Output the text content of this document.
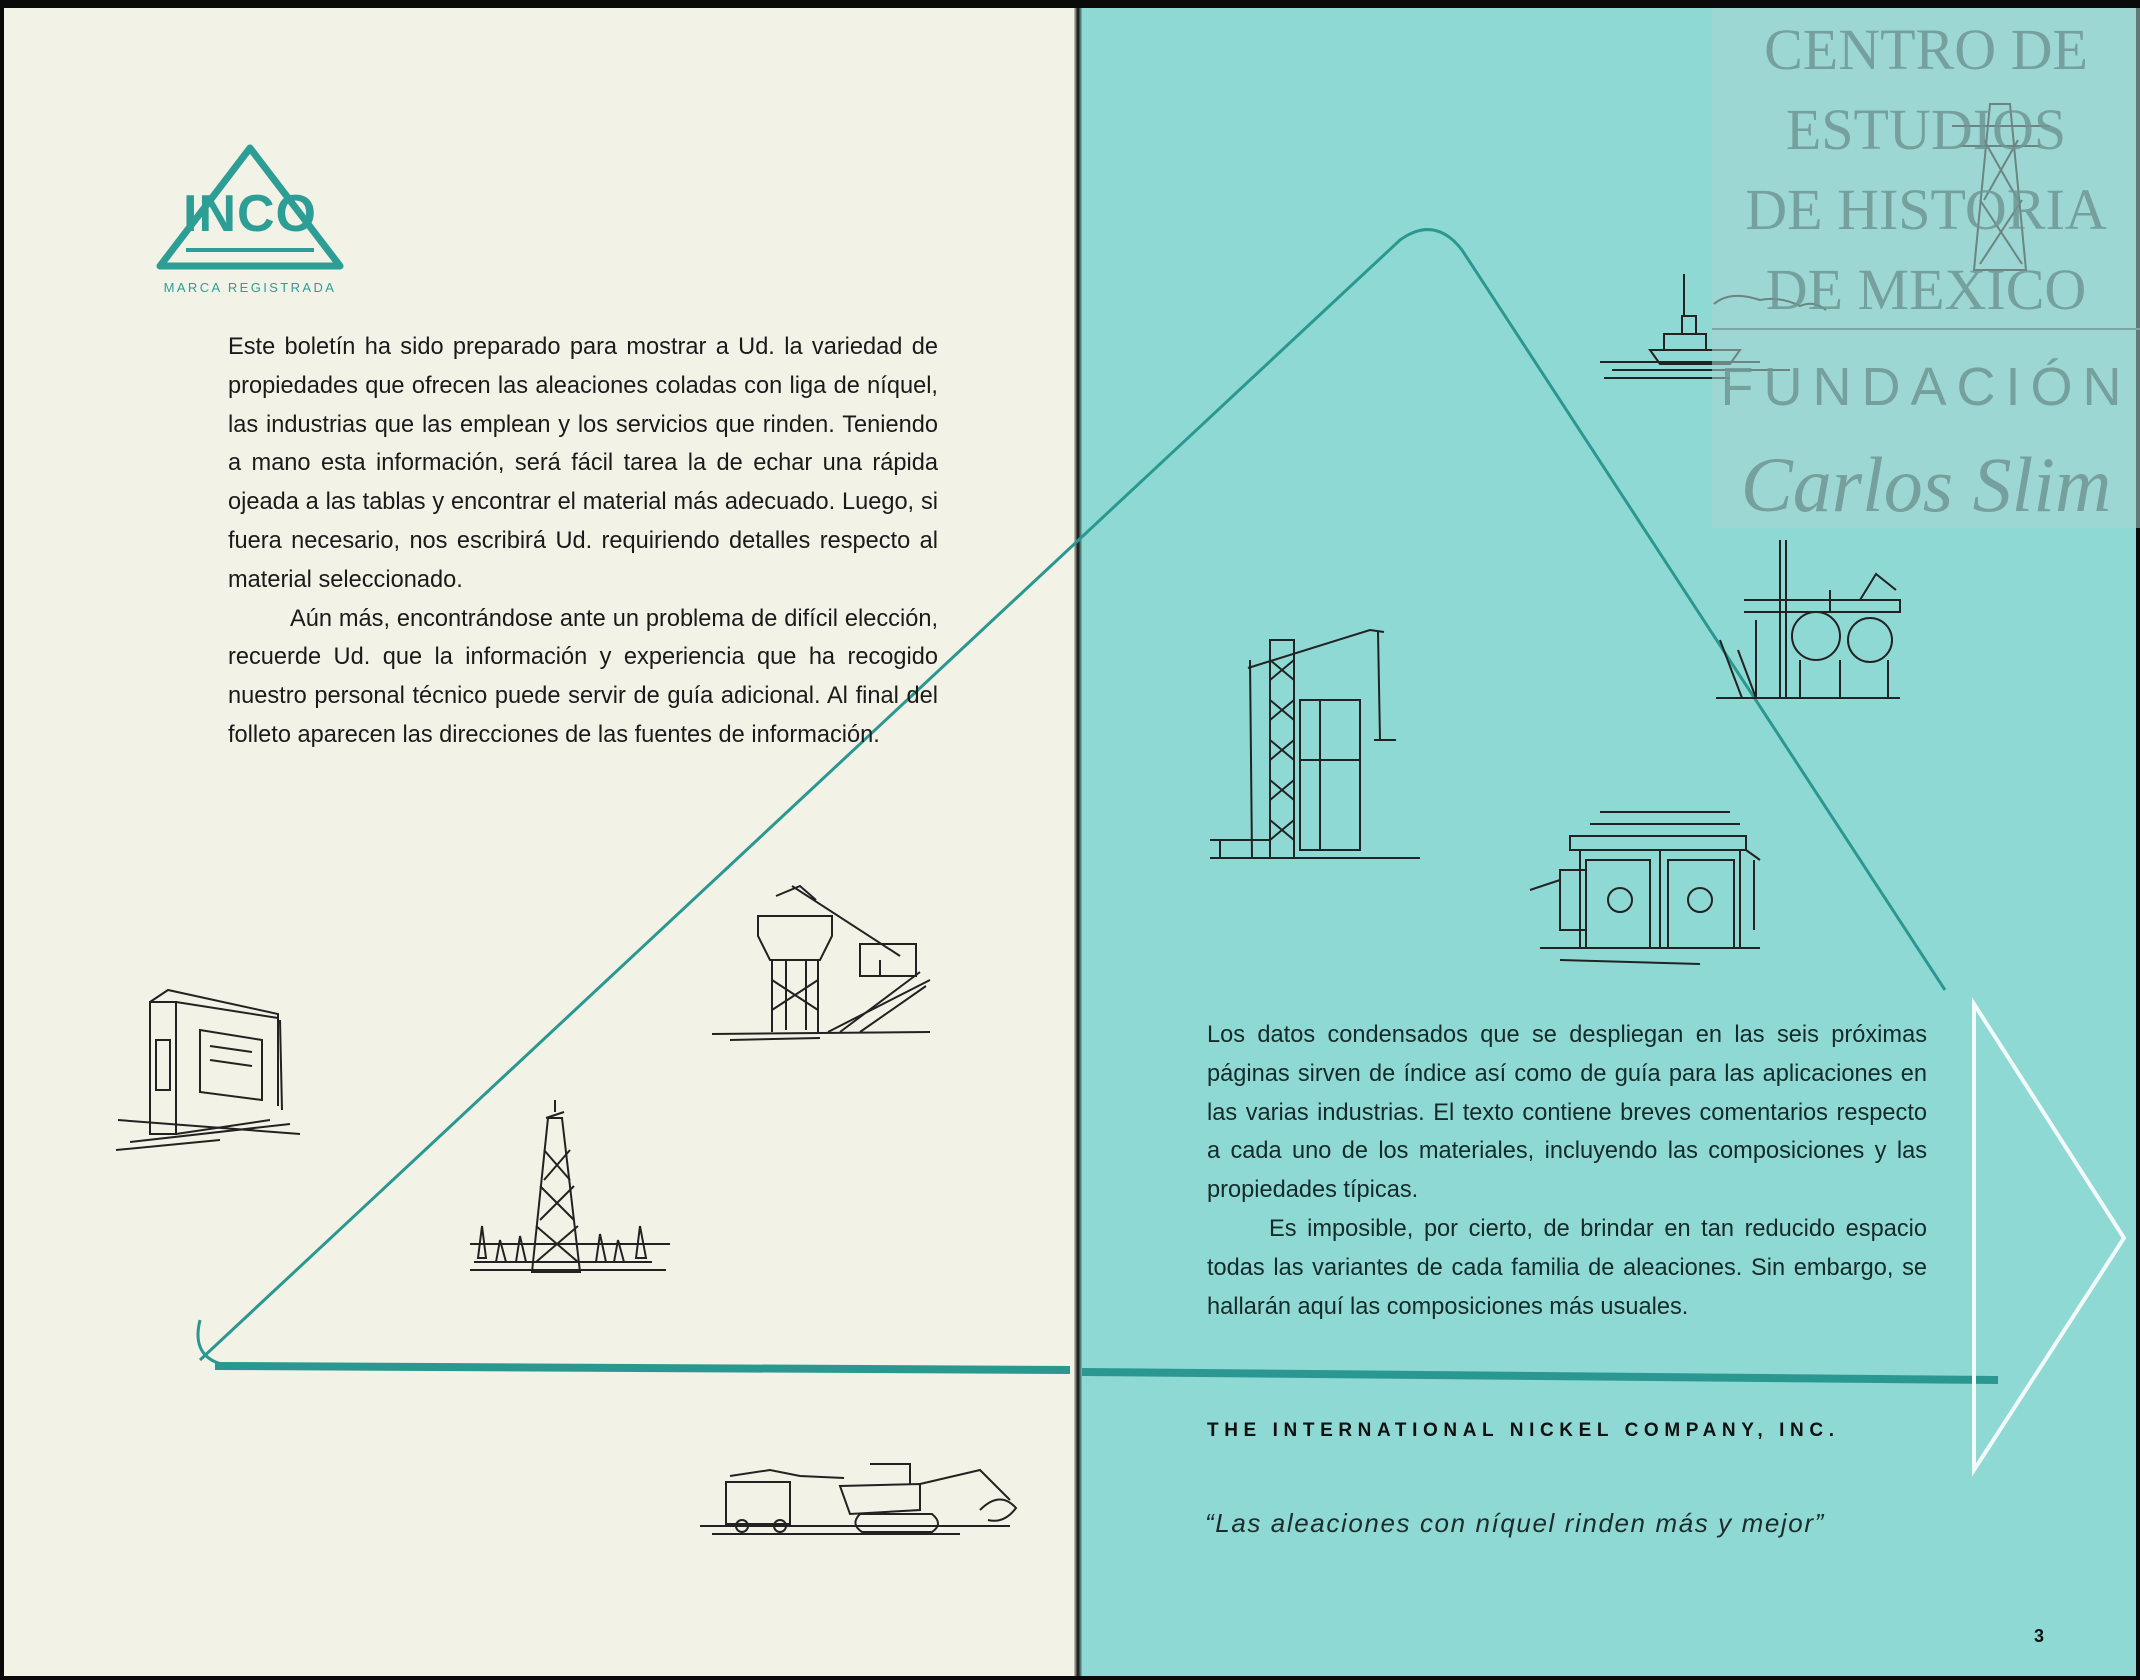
INCO
MARCA REGISTRADA

Este boletín ha sido preparado para mostrar a Ud. la variedad de propiedades que ofrecen las aleaciones coladas con liga de níquel, las industrias que las emplean y los servicios que rinden. Teniendo a mano esta información, será fácil tarea la de echar una rápida ojeada a las tablas y encontrar el material más adecuado. Luego, si fuera necesario, nos escribirá Ud. requiriendo detalles respecto al material seleccionado.

Aún más, encontrándose ante un problema de difícil elección, recuerde Ud. que la información y experiencia que ha recogido nuestro personal técnico puede servir de guía adicional. Al final del folleto aparecen las direcciones de las fuentes de información.

Los datos condensados que se despliegan en las seis próximas páginas sirven de índice así como de guía para las aplicaciones en las varias industrias. El texto contiene breves comentarios respecto a cada uno de los materiales, incluyendo las composiciones y las propiedades típicas.

Es imposible, por cierto, de brindar en tan reducido espacio todas las variantes de cada familia de aleaciones. Sin embargo, se hallarán aquí las composiciones más usuales.

THE INTERNATIONAL NICKEL COMPANY, INC.
“Las aleaciones con níquel rinden más y mejor”
3
CENTRO DE
ESTUDIOS
DE HISTORIA
DE MEXICO
FUNDACIÓN
Carlos Slim
